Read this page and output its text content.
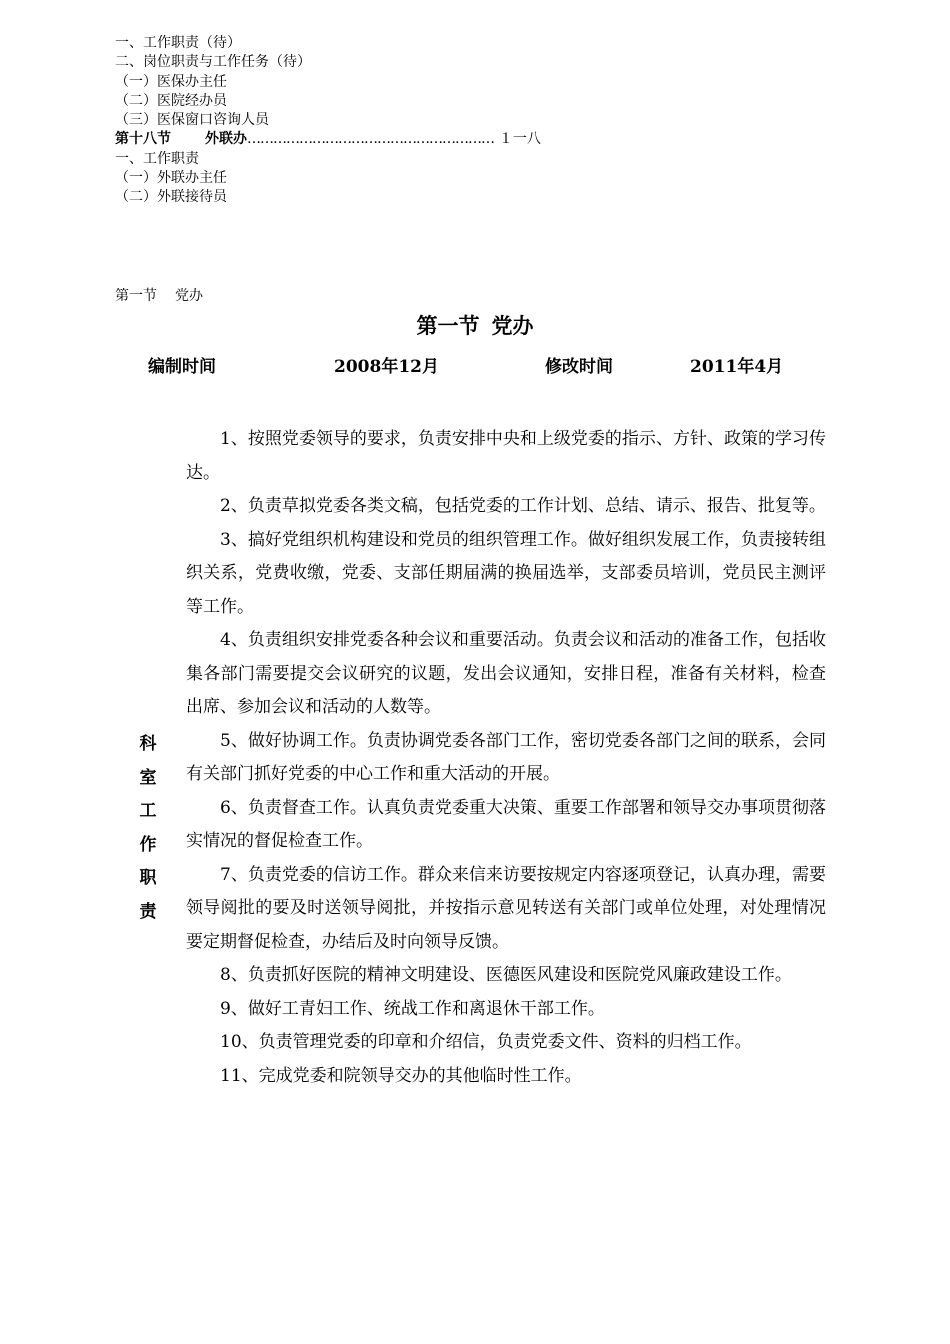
一、工作职责（待）
二、岗位职责与工作任务（待）
（一）医保办主任
（二）医院经办员
（三）医保窗口咨询人员
第十八节 外联办………………………………………………… １一八
一、工作职责
（一）外联办主任
（二）外联接待员
第一节 党办
第一节 党办
编制时间	2008年12月	修改时间	2011年4月
科
室
工
作
职
责

1、按照党委领导的要求，负责安排中央和上级党委的指示、方针、政策的学习传达。

2、负责草拟党委各类文稿，包括党委的工作计划、总结、请示、报告、批复等。

3、搞好党组织机构建设和党员的组织管理工作。做好组织发展工作，负责接转组织关系，党费收缴，党委、支部任期届满的换届选举，支部委员培训，党员民主测评等工作。

4、负责组织安排党委各种会议和重要活动。负责会议和活动的准备工作，包括收集各部门需要提交会议研究的议题，发出会议通知，安排日程，准备有关材料，检查出席、参加会议和活动的人数等。

5、做好协调工作。负责协调党委各部门工作，密切党委各部门之间的联系，会同有关部门抓好党委的中心工作和重大活动的开展。

6、负责督查工作。认真负责党委重大决策、重要工作部署和领导交办事项贯彻落实情况的督促检查工作。

7、负责党委的信访工作。群众来信来访要按规定内容逐项登记，认真办理，需要领导阅批的要及时送领导阅批，并按指示意见转送有关部门或单位处理，对处理情况要定期督促检查，办结后及时向领导反馈。

8、负责抓好医院的精神文明建设、医德医风建设和医院党风廉政建设工作。

9、做好工青妇工作、统战工作和离退休干部工作。

10、负责管理党委的印章和介绍信，负责党委文件、资料的归档工作。

11、完成党委和院领导交办的其他临时性工作。
